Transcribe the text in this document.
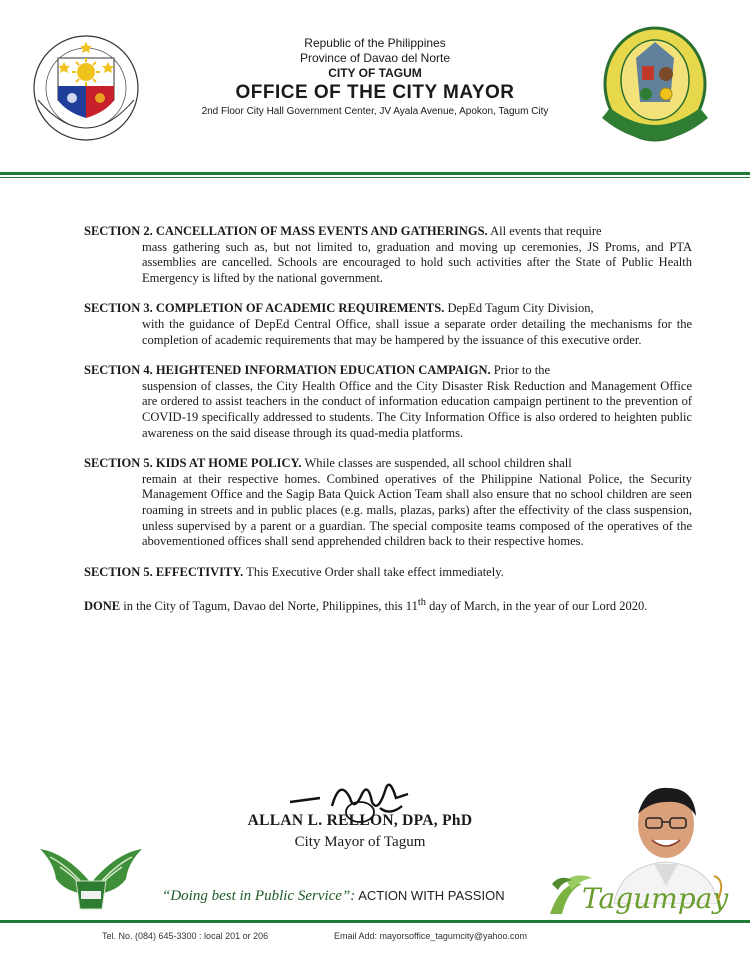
Republic of the Philippines
Province of Davao del Norte
CITY OF TAGUM
OFFICE OF THE CITY MAYOR
2nd Floor City Hall Government Center, JV Ayala Avenue, Apokon, Tagum City
SECTION 2. CANCELLATION OF MASS EVENTS AND GATHERINGS. All events that require
mass gathering such as, but not limited to, graduation and moving up ceremonies, JS Proms, and PTA assemblies are cancelled. Schools are encouraged to hold such activities after the State of Public Health Emergency is lifted by the national government.
SECTION 3. COMPLETION OF ACADEMIC REQUIREMENTS. DepEd Tagum City Division,
with the guidance of DepEd Central Office, shall issue a separate order detailing the mechanisms for the completion of academic requirements that may be hampered by the issuance of this executive order.
SECTION 4. HEIGHTENED INFORMATION EDUCATION CAMPAIGN. Prior to the
suspension of classes, the City Health Office and the City Disaster Risk Reduction and Management Office are ordered to assist teachers in the conduct of information education campaign pertinent to the prevention of COVID-19 specifically addressed to students. The City Information Office is also ordered to heighten public awareness on the said disease through its quad-media platforms.
SECTION 5. KIDS AT HOME POLICY. While classes are suspended, all school children shall
remain at their respective homes. Combined operatives of the Philippine National Police, the Security Management Office and the Sagip Bata Quick Action Team shall also ensure that no school children are seen roaming in streets and in public places (e.g. malls, plazas, parks) after the effectivity of the class suspension, unless supervised by a parent or a guardian. The special composite teams composed of the operatives of the abovementioned offices shall send apprehended children back to their respective homes.
SECTION 5. EFFECTIVITY. This Executive Order shall take effect immediately.
DONE in the City of Tagum, Davao del Norte, Philippines, this 11th day of March, in the year of our Lord 2020.
ALLAN L. RELLON, DPA, PhD
City Mayor of Tagum
“Doing best in Public Service”: ACTION WITH PASSION	Tagumpay
Tel. No. (084) 645-3300 : local 201 or 206	Email Add: mayorsoffice_tagumcity@yahoo.com
